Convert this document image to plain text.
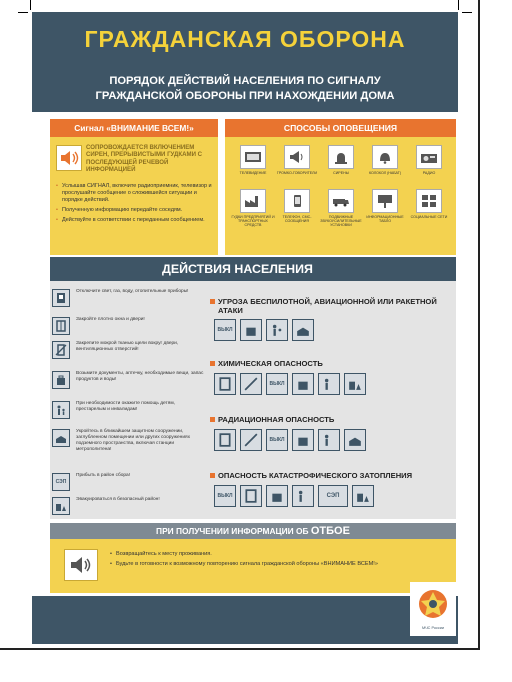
ГРАЖДАНСКАЯ ОБОРОНА
ПОРЯДОК ДЕЙСТВИЙ НАСЕЛЕНИЯ ПО СИГНАЛУ
ГРАЖДАНСКОЙ ОБОРОНЫ ПРИ НАХОЖДЕНИИ ДОМА
Сигнал «ВНИМАНИЕ ВСЕМ!»
СОПРОВОЖДАЕТСЯ ВКЛЮЧЕНИЕМ СИРЕН, ПРЕРЫВИСТЫМИ ГУДКАМИ С ПОСЛЕДУЮЩЕЙ РЕЧЕВОЙ ИНФОРМАЦИЕЙ
• Услышав СИГНАЛ, включите радиоприемник, телевизор и прослушайте сообщение о сложившейся ситуации и порядке действий.
• Полученную информацию передайте соседям.
• Действуйте в соответствии с переданным сообщением.
СПОСОБЫ ОПОВЕЩЕНИЯ
ТЕЛЕВИДЕНИЕ	ГРОМКО-ГОВОРИТЕЛИ	СИРЕНЫ	КОЛОКОЛ (НАБАТ)	РАДИО
ГУДКИ ПРЕДПРИЯТИЙ И ТРАНСПОРТНЫХ СРЕДСТВ
ТЕЛЕФОН, СМС-СООБЩЕНИЯ
ПОДВИЖНЫЕ ЗВУКОУСИЛИТЕЛЬНЫЕ УСТАНОВКИ
ИНФОРМАЦИОННЫЕ ТАБЛО
СОЦИАЛЬНЫЕ СЕТИ
ДЕЙСТВИЯ НАСЕЛЕНИЯ
Отключите свет, газ, воду, отопительные приборы!
Закройте плотно окна и двери!
Закрепите мокрой тканью щели вокруг двери, вентиляционных отверстий!
Возьмите документы, аптечку, необходимые вещи, запас продуктов и воды!
При необходимости окажите помощь детям, престарелым и инвалидам!
Укройтесь в ближайшем защитном сооружении, заглубленном помещении или других сооружениях подземного пространства, включая станции метрополитена!
СЭП
Прибыть в район сбора!
Эвакуироваться в безопасный район!
УГРОЗА БЕСПИЛОТНОЙ, АВИАЦИОННОЙ ИЛИ РАКЕТНОЙ АТАКИ
ВЫКЛ
ХИМИЧЕСКАЯ ОПАСНОСТЬ
ВЫКЛ
РАДИАЦИОННАЯ ОПАСНОСТЬ
ВЫКЛ
ОПАСНОСТЬ КАТАСТРОФИЧЕСКОГО ЗАТОПЛЕНИЯ
ВЫКЛ	СЭП
ПРИ ПОЛУЧЕНИИ ИНФОРМАЦИИ ОБ ОТБОЕ
• Возвращайтесь к месту проживания.
• Будьте в готовности к возможному повторению сигнала гражданской обороны «ВНИМАНИЕ ВСЕМ!»
МЧС России
